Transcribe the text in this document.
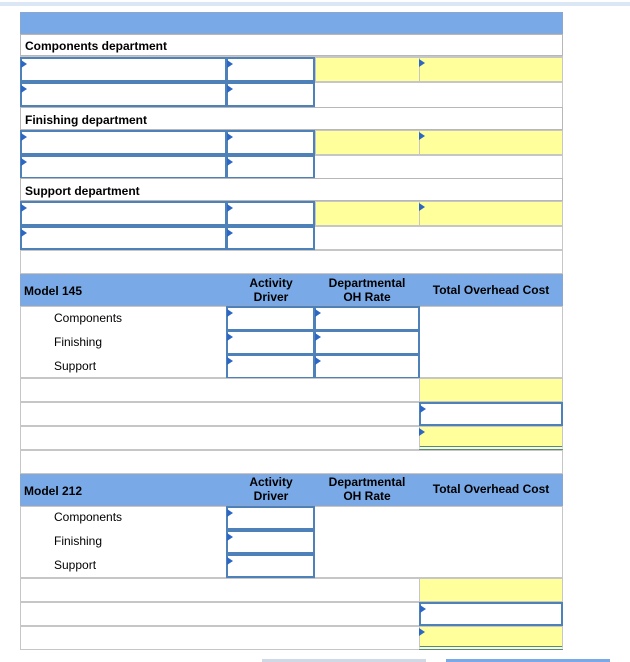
Components department
Finishing department
Support department
Model 145
Activity Driver
Departmental OH Rate	Total Overhead Cost
Components
Finishing
Support
Model 212
Activity Driver
Departmental OH Rate	Total Overhead Cost
Components
Finishing
Support
